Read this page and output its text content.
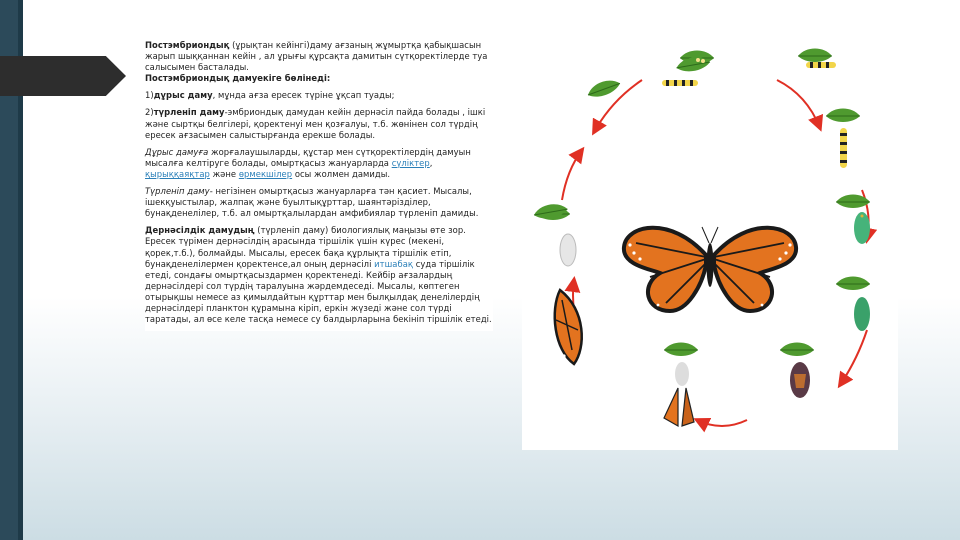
Постэмбриондық (ұрықтан кейінгі)даму ағзаның жұмыртқа қабықшасын жарып шыққаннан кейін , ал ұрығы құрсақта дамитын сүтқоректілерде туа салысымен басталады.
Постэмбриондық дамуекіге бөлінеді:

1)дұрыс даму, мұнда ағза ересек түріне ұқсап туады;

2)түрленіп даму-эмбриондық дамудан кейін дернәсіл пайда болады , ішкі және сыртқы белгілері, қоректенуі мен қозғалуы, т.б. жөнінен сол түрдің ересек ағзасымен салыстырғанда ерекше болады.

Дұрыс дамуға жорғалаушыларды, құстар мен сүтқоректілердің дамуын мысалға келтіруге болады, омыртқасыз жануарларда сүліктер, қырыққаяқтар және өрмекшілер осы жолмен дамиды.

Түрленіп даму- негізінен омыртқасыз жануарларға тән қасиет. Мысалы, ішекқуыстылар, жалпақ және буылтықұрттар, шаянтәріздiлер, бунақденелілер, т.б. ал омыртқалылардан амфибиялар түрленіп дамиды.

Дернәсілдік дамудың (түрленіп даму) биологиялық маңызы өте зор. Ересек түрімен дернәсілдің арасында тіршілік үшін күрес (мекені, қорек,т.б.), болмайды. Мысалы, ересек бақа құрлықта тіршілік етіп, бунақденелілермен қоректенсе,ал оның дернәсілі итшабақ суда тіршілік етеді, сондағы омыртқасыздармен қоректенеді. Кейбір ағзалардың дернәсілдері сол түрдің таралуына жәрдемдеседі. Мысалы, көптеген отырықшы немесе аз қимылдайтын құрттар мен былқылдақ денелілердің дернәсілдері планктон құрамына кіріп, еркін жүзеді және сол түрді таратады, ал өсе келе тасқа немесе су балдырларына бекініп тіршілік етеді.
